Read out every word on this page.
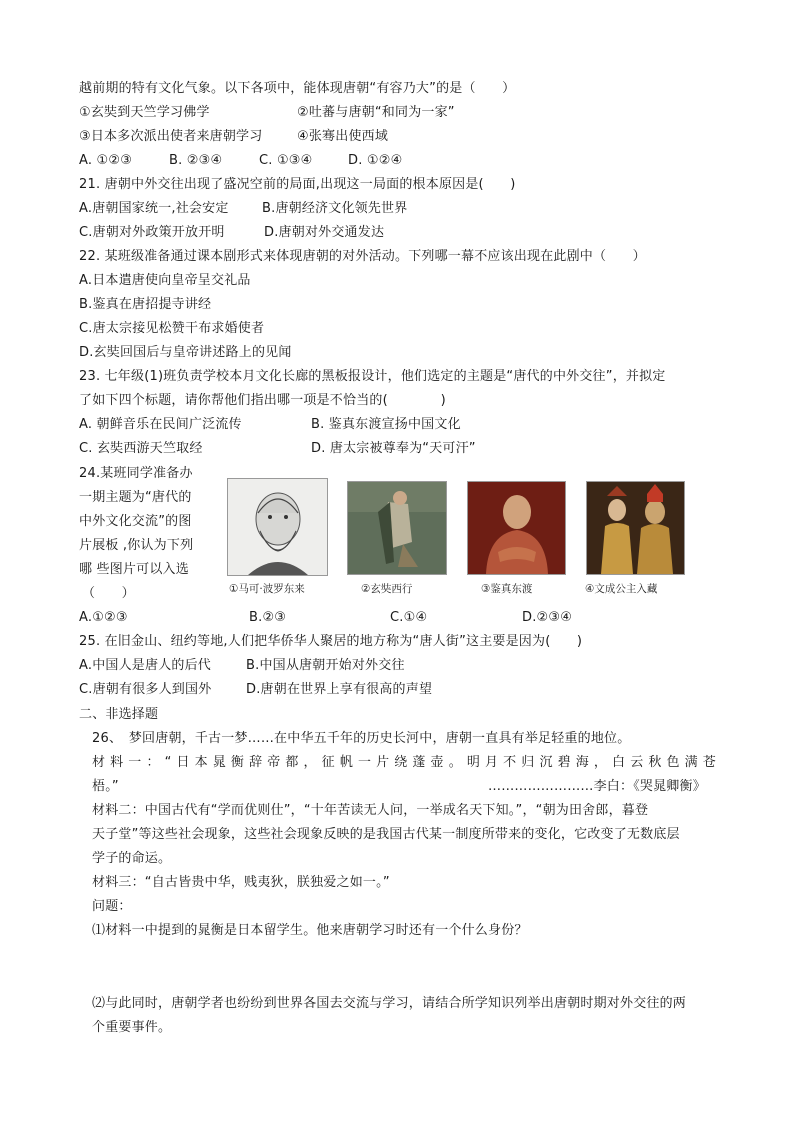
越前期的特有文化气象。以下各项中，能体现唐朝“有容乃大”的是（　　）
①玄奘到天竺学习佛学	②吐蕃与唐朝“和同为一家”
③日本多次派出使者来唐朝学习	④张骞出使西域
A. ①②③	B. ②③④	C. ①③④	D. ①②④
21. 唐朝中外交往出现了盛况空前的局面,出现这一局面的根本原因是(　　)
A.唐朝国家统一,社会安定	B.唐朝经济文化领先世界
C.唐朝对外政策开放开明	D.唐朝对外交通发达
22. 某班级准备通过课本剧形式来体现唐朝的对外活动。下列哪一幕不应该出现在此剧中（　　）
A.日本遣唐使向皇帝呈交礼品
B.鉴真在唐招提寺讲经
C.唐太宗接见松赞干布求婚使者
D.玄奘回国后与皇帝讲述路上的见闻
23. 七年级(1)班负责学校本月文化长廊的黑板报设计，他们选定的主题是“唐代的中外交往”，并拟定
了如下四个标题，请你帮他们指出哪一项是不恰当的(　　　　)
A. 朝鲜音乐在民间广泛流传	B. 鉴真东渡宣扬中国文化
C. 玄奘西游天竺取经	D. 唐太宗被尊奉为“天可汗”
24.某班同学准备办
一期主题为“唐代的
中外文化交流”的图
片展板 ,你认为下列
哪 些图片可以入选
（　　）	①马可·波罗东来	②玄奘西行	③鉴真东渡	④文成公主入藏
A.①②③	B.②③	C.①④	D.②③④
25. 在旧金山、纽约等地,人们把华侨华人聚居的地方称为“唐人街”这主要是因为(　　)
A.中国人是唐人的后代	B.中国从唐朝开始对外交往
C.唐朝有很多人到国外	D.唐朝在世界上享有很高的声望
二、非选择题
26、　梦回唐朝，千古一梦……在中华五千年的历史长河中，唐朝一直具有举足轻重的地位。
材料一：“日本晁衡辞帝都，征帆一片绕蓬壶。明月不归沉碧海，白云秋色满苍
梧。”	……………………李白：《哭晁卿衡》
材料二：中国古代有“学而优则仕”，“十年苦读无人问，一举成名天下知。”，“朝为田舍郎，暮登
天子堂”等这些社会现象，这些社会现象反映的是我国古代某一制度所带来的变化，它改变了无数底层
学子的命运。
材料三：“自古皆贵中华，贱夷狄，朕独爱之如一。”
问题：
⑴材料一中提到的晁衡是日本留学生。他来唐朝学习时还有一个什么身份？
⑵与此同时，唐朝学者也纷纷到世界各国去交流与学习，请结合所学知识列举出唐朝时期对外交往的两
个重要事件。
